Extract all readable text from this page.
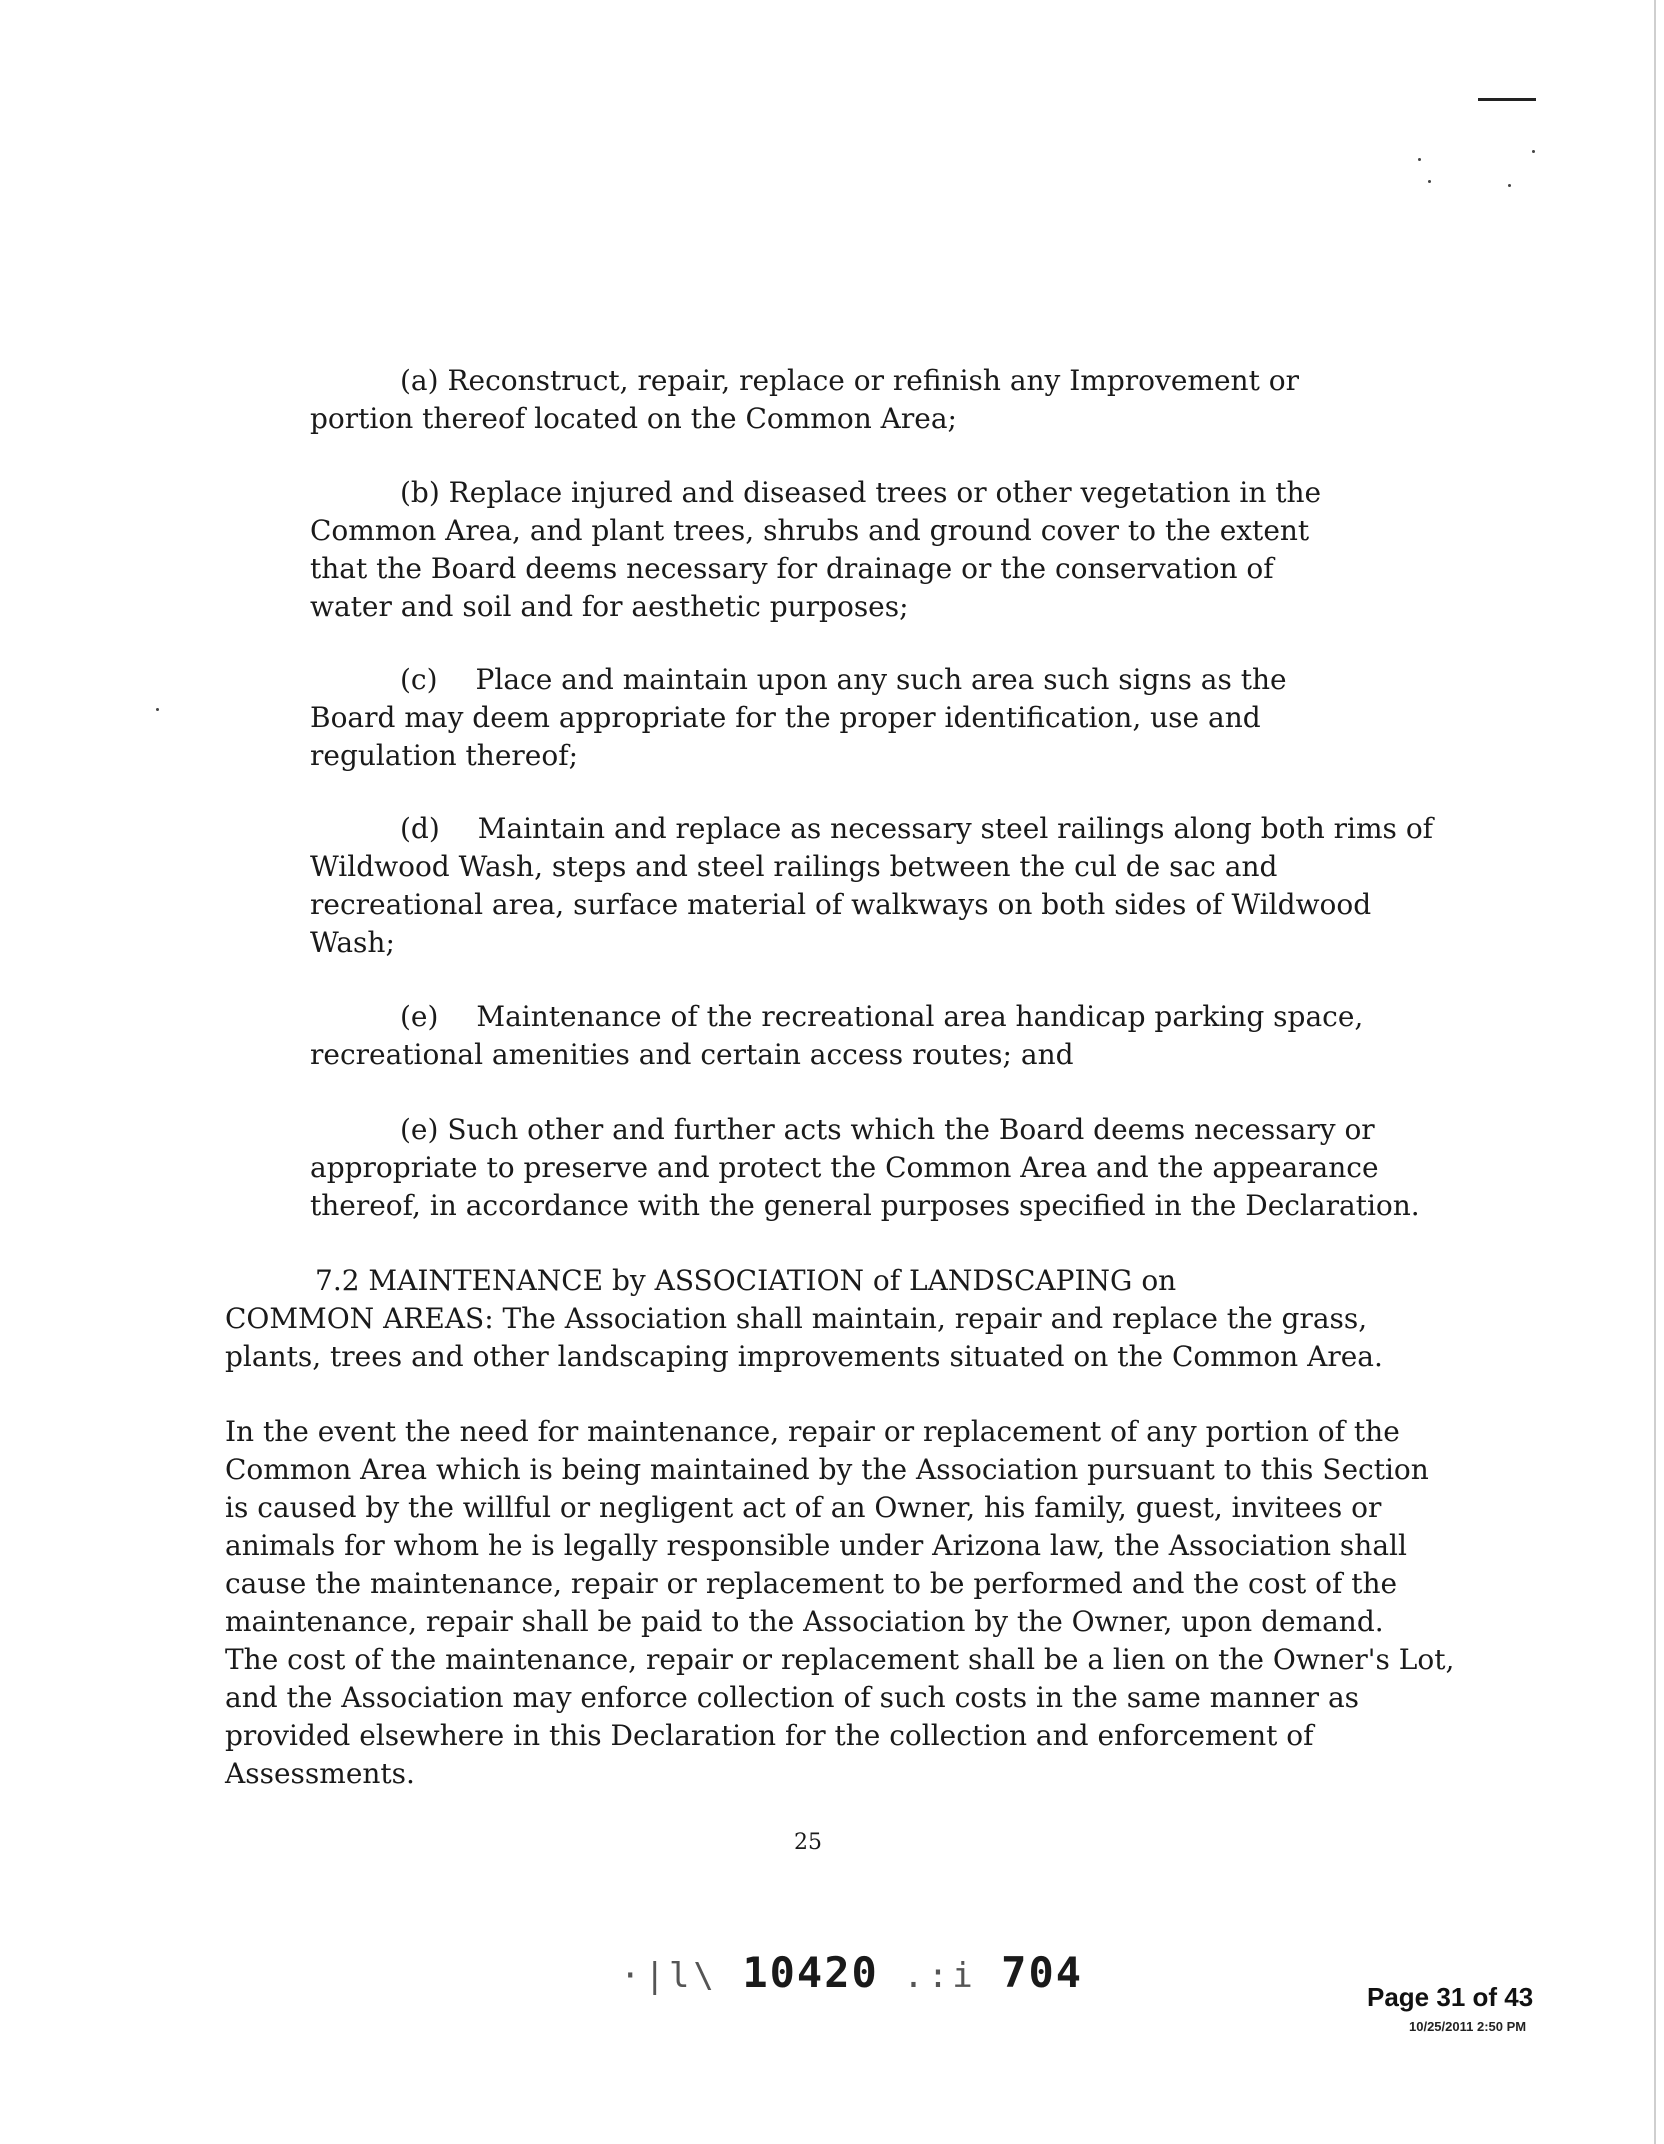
(a) Reconstruct, repair, replace or refinish any Improvement or
portion thereof located on the Common Area;

(b) Replace injured and diseased trees or other vegetation in the
Common Area, and plant trees, shrubs and ground cover to the extent
that the Board deems necessary for drainage or the conservation of
water and soil and for aesthetic purposes;

(c) Place and maintain upon any such area such signs as the
Board may deem appropriate for the proper identification, use and
regulation thereof;

(d) Maintain and replace as necessary steel railings along both rims of
Wildwood Wash, steps and steel railings between the cul de sac and
recreational area, surface material of walkways on both sides of Wildwood
Wash;

(e) Maintenance of the recreational area handicap parking space,
recreational amenities and certain access routes; and

(e) Such other and further acts which the Board deems necessary or
appropriate to preserve and protect the Common Area and the appearance
thereof, in accordance with the general purposes specified in the Declaration.

7.2 MAINTENANCE by ASSOCIATION of LANDSCAPING on
COMMON AREAS: The Association shall maintain, repair and replace the grass,
plants, trees and other landscaping improvements situated on the Common Area.

In the event the need for maintenance, repair or replacement of any portion of the
Common Area which is being maintained by the Association pursuant to this Section
is caused by the willful or negligent act of an Owner, his family, guest, invitees or
animals for whom he is legally responsible under Arizona law, the Association shall
cause the maintenance, repair or replacement to be performed and the cost of the
maintenance, repair shall be paid to the Association by the Owner, upon demand.
The cost of the maintenance, repair or replacement shall be a lien on the Owner's Lot,
and the Association may enforce collection of such costs in the same manner as
provided elsewhere in this Declaration for the collection and enforcement of
Assessments.

25
·|l\ 10420 .:i 704	Page 31 of 43
10/25/2011 2:50 PM
